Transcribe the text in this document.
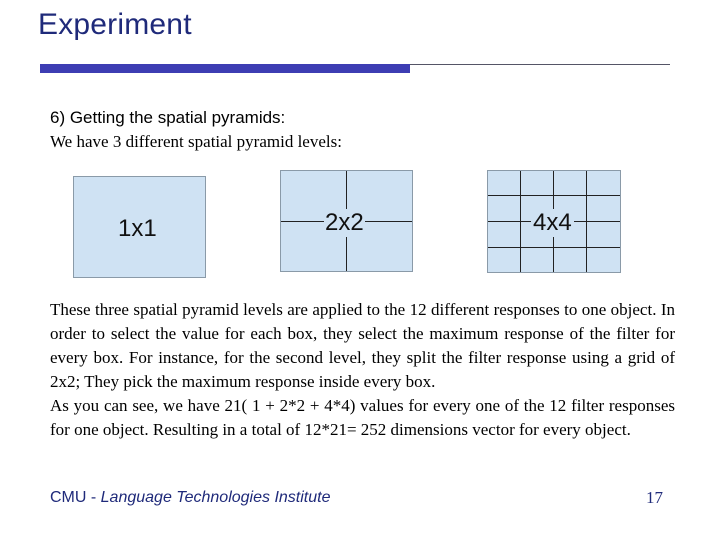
Experiment
6) Getting the spatial pyramids:
We have 3 different spatial pyramid levels:
1x1	2x2	4x4

These three spatial pyramid levels are applied to the 12 different responses to one object. In order to select the value for each box, they select the maximum response of the filter for every box. For instance, for the second level, they split the filter response using a grid of 2x2; They pick the maximum response inside every box.

As you can see, we have 21( 1 + 2*2 + 4*4) values for every one of the 12 filter responses for one object. Resulting in a total of 12*21= 252 dimensions vector for every object.

CMU - Language Technologies Institute	17
